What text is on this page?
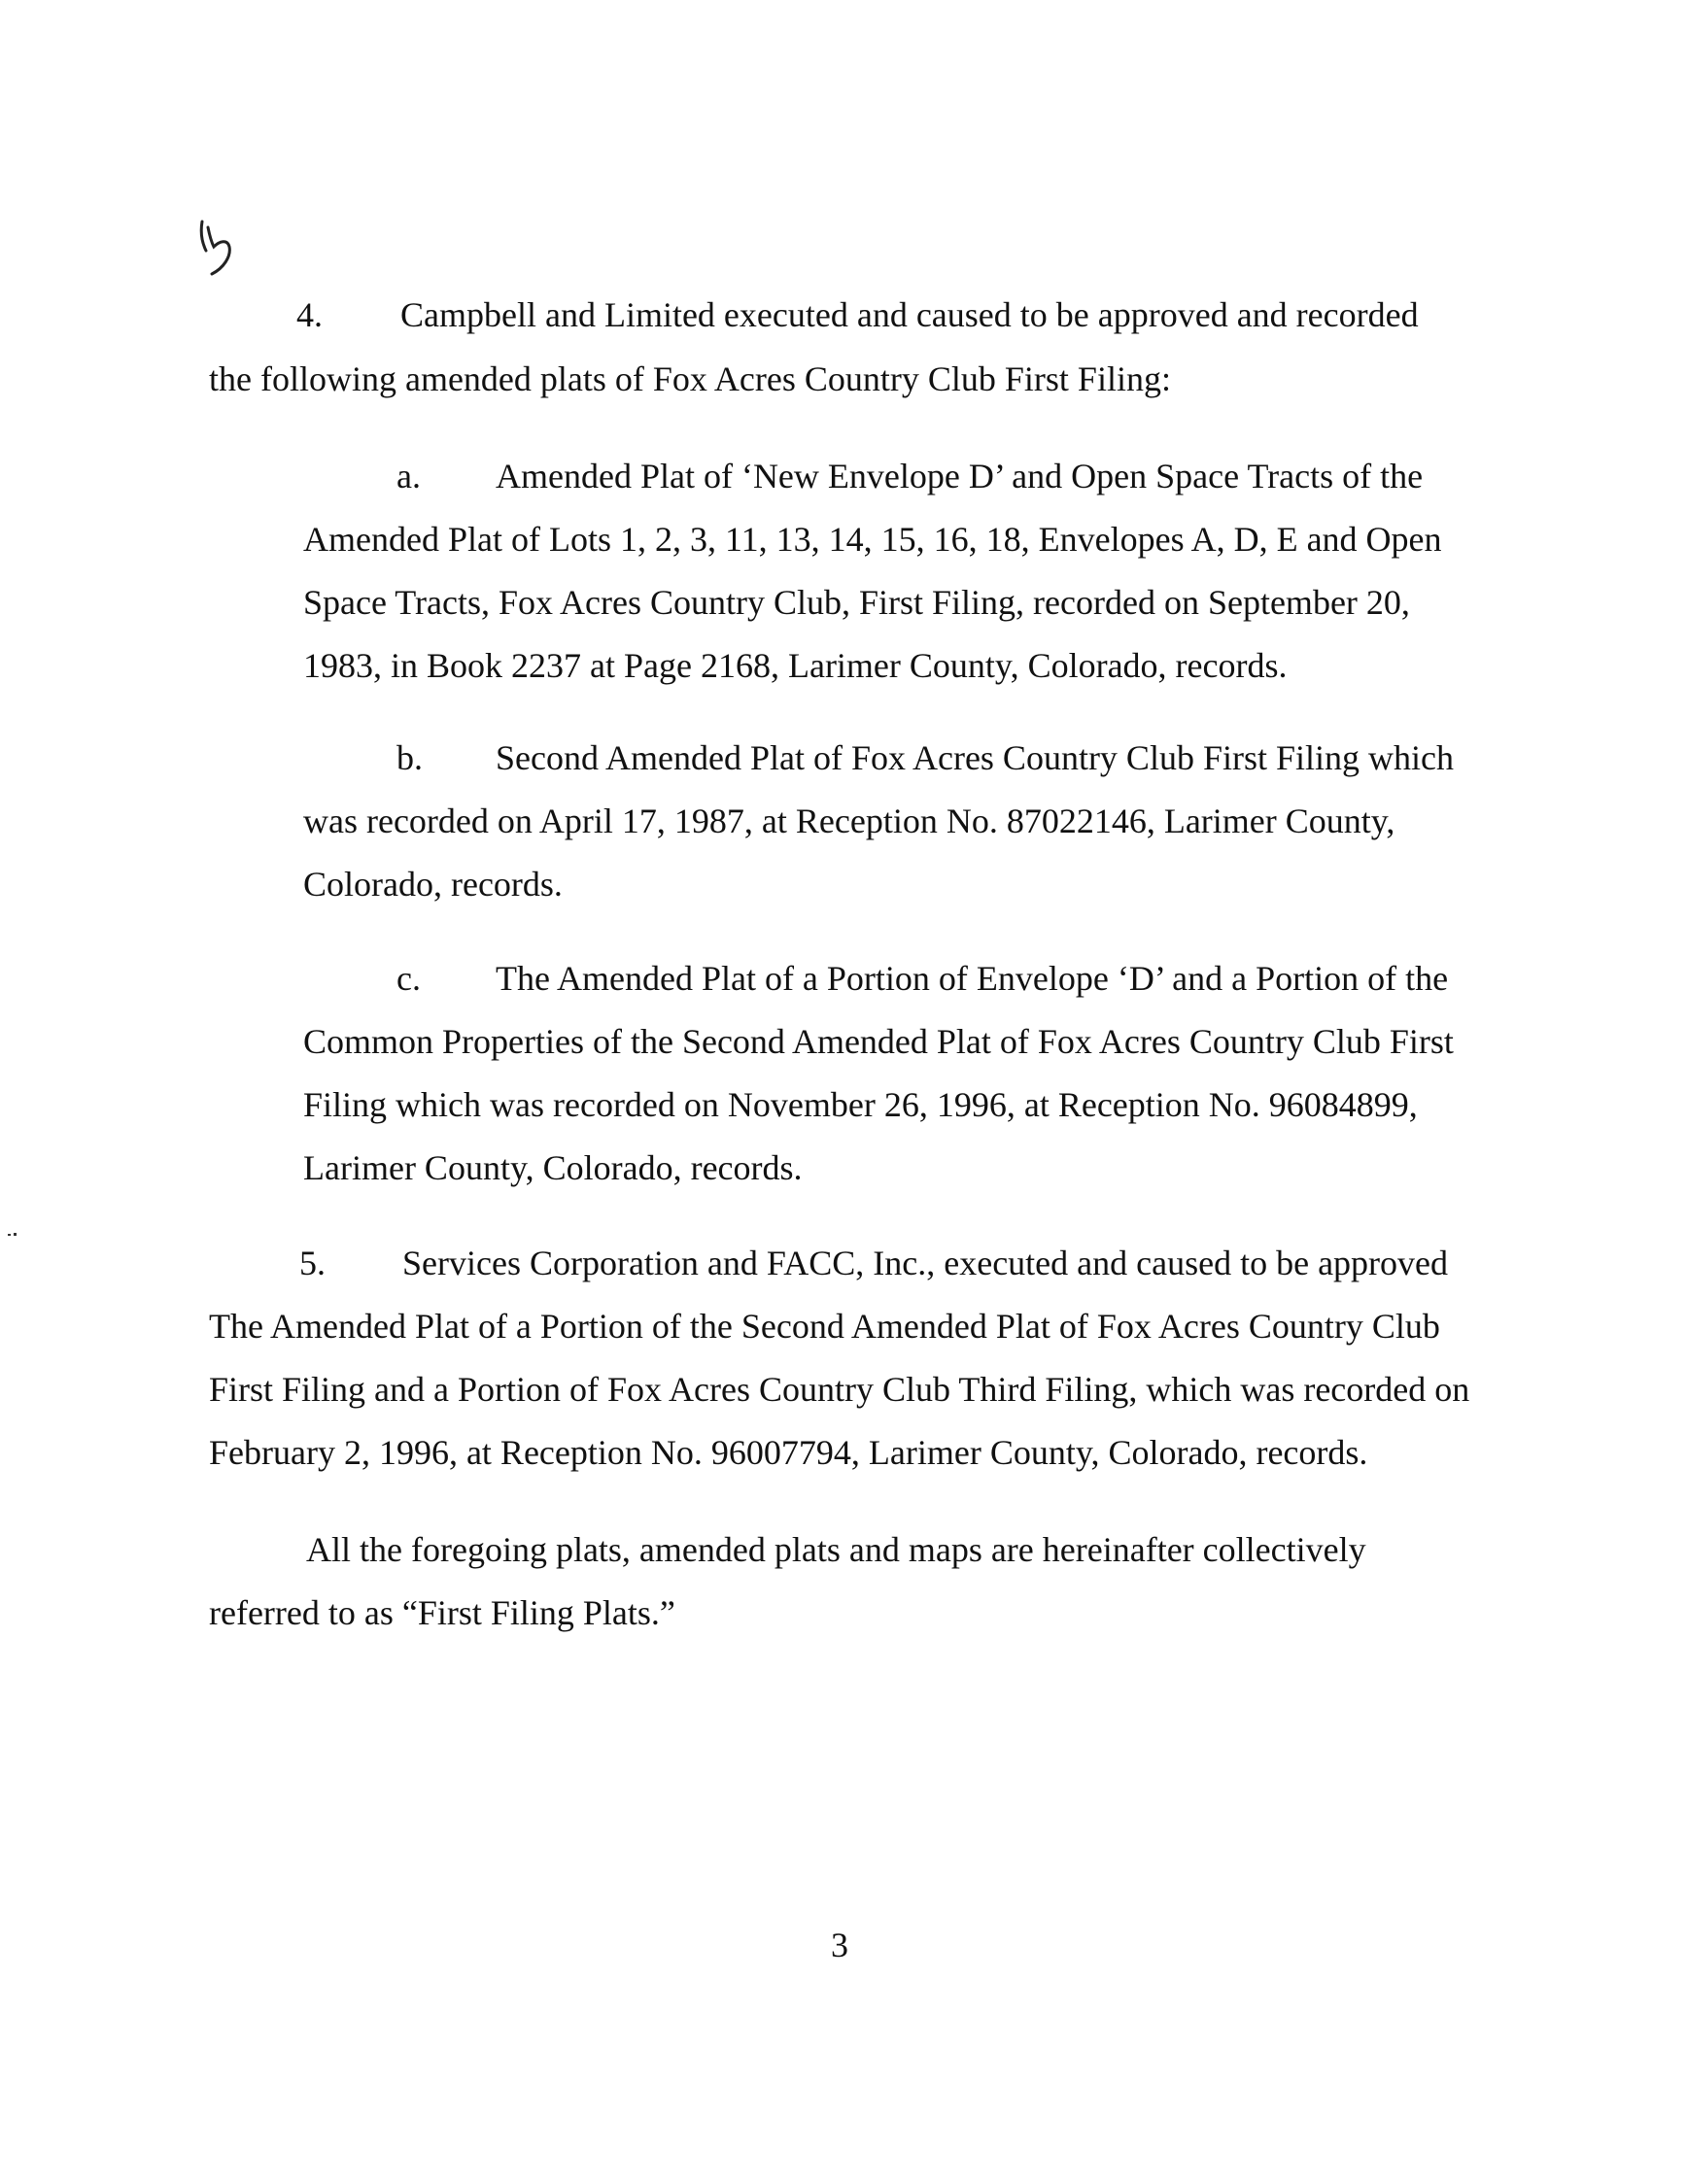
4. Campbell and Limited executed and caused to be approved and recorded
the following amended plats of Fox Acres Country Club First Filing:
a. Amended Plat of ‘New Envelope D’ and Open Space Tracts of the
Amended Plat of Lots 1, 2, 3, 11, 13, 14, 15, 16, 18, Envelopes A, D, E and Open
Space Tracts, Fox Acres Country Club, First Filing, recorded on September 20,
1983, in Book 2237 at Page 2168, Larimer County, Colorado, records.
b. Second Amended Plat of Fox Acres Country Club First Filing which
was recorded on April 17, 1987, at Reception No. 87022146, Larimer County,
Colorado, records.
c. The Amended Plat of a Portion of Envelope ‘D’ and a Portion of the
Common Properties of the Second Amended Plat of Fox Acres Country Club First
Filing which was recorded on November 26, 1996, at Reception No. 96084899,
Larimer County, Colorado, records.
5. Services Corporation and FACC, Inc., executed and caused to be approved
The Amended Plat of a Portion of the Second Amended Plat of Fox Acres Country Club
First Filing and a Portion of Fox Acres Country Club Third Filing, which was recorded on
February 2, 1996, at Reception No. 96007794, Larimer County, Colorado, records.
All the foregoing plats, amended plats and maps are hereinafter collectively
referred to as “First Filing Plats.”
3
